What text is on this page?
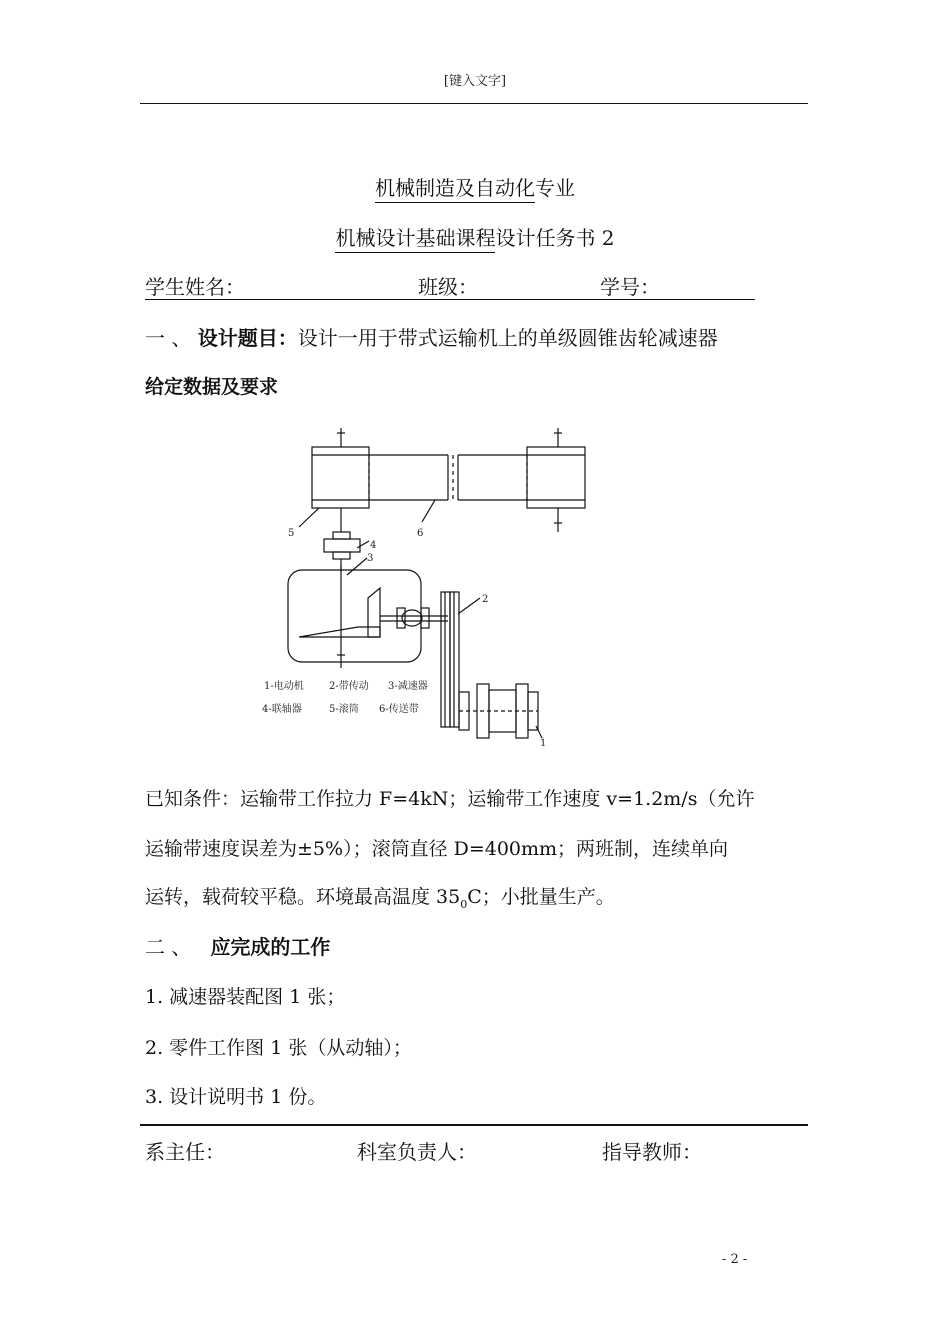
[键入文字]
机械制造及自动化专业
机械设计基础课程设计任务书 2
学生姓名：	班级：	学号：
一 、 设计题目：设计一用于带式运输机上的单级圆锥齿轮减速器
给定数据及要求
5	6
4
3
2
1
1-电动机	2-带传动 3-减速器
4-联轴器	5-滚筒 6-传送带
已知条件：运输带工作拉力 F=4kN；运输带工作速度 v=1.2m/s（允许
运输带速度误差为±5%）；滚筒直径 D=400mm；两班制，连续单向
运转，载荷较平稳。环境最高温度 $35_0C$；小批量生产。
二 、 应完成的工作
1. 减速器装配图 1 张；
2. 零件工作图 1 张（从动轴）；
3. 设计说明书 1 份。
系主任：	科室负责人：	指导教师：
- 2 -
